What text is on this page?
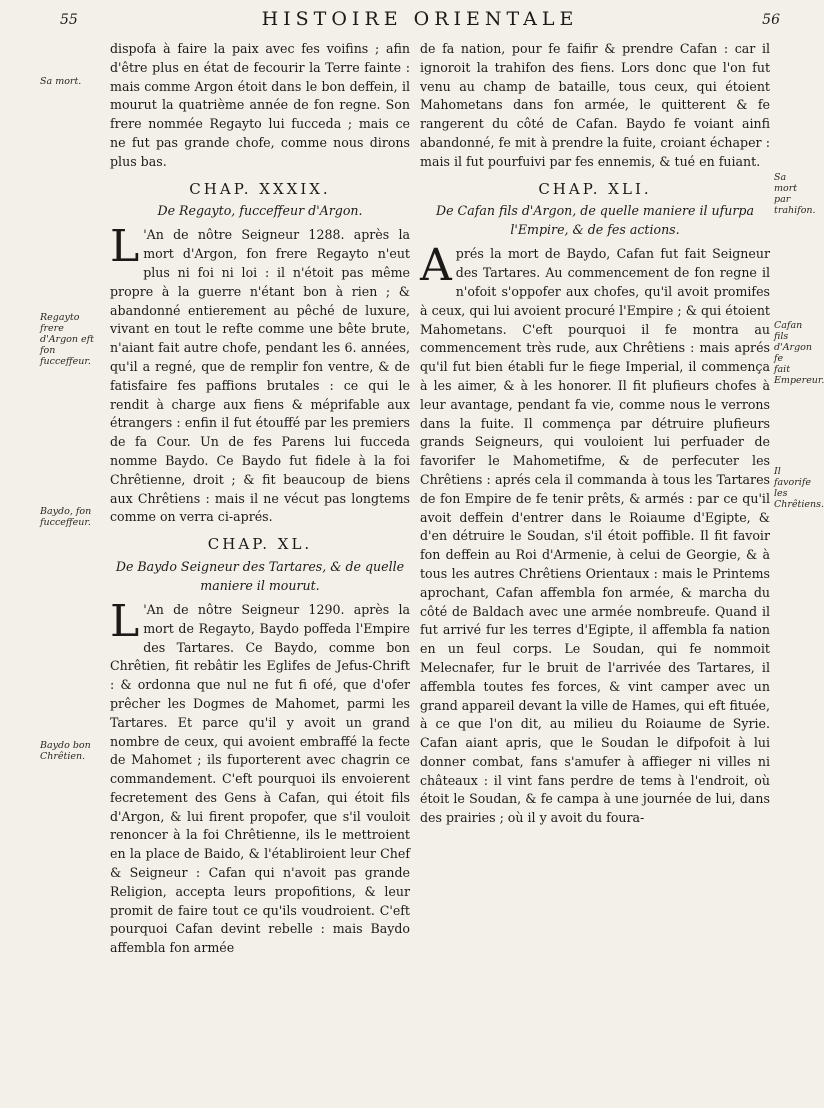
55	HISTOIRE ORIENTALE	56
Sa mort.
Regayto frere d'Argon eft fon fucceffeur.
Baydo, fon fucceffeur.
Baydo bon Chrêtien.

dispofa à faire la paix avec fes voifins ; afin d'être plus en état de fecourir la Terre fainte : mais comme Argon étoit dans le bon deffein, il mourut la quatrième année de fon regne. Son frere nommée Regayto lui fucceda ; mais ce ne fut pas grande chofe, comme nous dirons plus bas.

CHAP. XXXIX.
De Regayto, fucceffeur d'Argon.

L 'An de nôtre Seigneur 1288. après la mort d'Argon, fon frere Regayto n'eut plus ni foi ni loi : il n'étoit pas même propre à la guerre n'étant bon à rien ; & abandonné entierement au pêché de luxure, vivant en tout le refte comme une bête brute, n'aiant fait autre chofe, pendant les 6. années, qu'il a regné, que de remplir fon ventre, & de fatisfaire fes paffions brutales : ce qui le rendit à charge aux fiens & méprifable aux étrangers : enfin il fut étouffé par les premiers de fa Cour. Un de fes Parens lui fucceda nomme Baydo. Ce Baydo fut fidele à la foi Chrêtienne, droit ; & fit beaucoup de biens aux Chrêtiens : mais il ne vécut pas longtems comme on verra ci-aprés.

CHAP. XL.
De Baydo Seigneur des Tartares, & de quelle maniere il mourut.

L 'An de nôtre Seigneur 1290. après la mort de Regayto, Baydo poffeda l'Empire des Tartares. Ce Baydo, comme bon Chrêtien, fit rebâtir les Eglifes de Jefus-Chrift : & ordonna que nul ne fut fi ofé, que d'ofer prêcher les Dogmes de Mahomet, parmi les Tartares. Et parce qu'il y avoit un grand nombre de ceux, qui avoient embraffé la fecte de Mahomet ; ils fuporterent avec chagrin ce commandement. C'eft pourquoi ils envoierent fecretement des Gens à Cafan, qui étoit fils d'Argon, & lui firent propofer, que s'il vouloit renoncer à la foi Chrêtienne, ils le mettroient en la place de Baido, & l'établiroient leur Chef & Seigneur : Cafan qui n'avoit pas grande Religion, accepta leurs propofitions, & leur promit de faire tout ce qu'ils voudroient. C'eft pourquoi Cafan devint rebelle : mais Baydo affembla fon armée

de fa nation, pour fe faifir & prendre Cafan : car il ignoroit la trahifon des fiens. Lors donc que l'on fut venu au champ de bataille, tous ceux, qui étoient Mahometans dans fon armée, le quitterent & fe rangerent du côté de Cafan. Baydo fe voiant ainfi abandonné, fe mit à prendre la fuite, croiant échaper : mais il fut pourfuivi par fes ennemis, & tué en fuiant.

CHAP. XLI.
De Cafan fils d'Argon, de quelle maniere il ufurpa l'Empire, & de fes actions.

Aprés la mort de Baydo, Cafan fut fait Seigneur des Tartares. Au commencement de fon regne il n'ofoit s'oppofer aux chofes, qu'il avoit promifes à ceux, qui lui avoient procuré l'Empire ; & qui étoient Mahometans. C'eft pourquoi il fe montra au commencement très rude, aux Chrêtiens : mais aprés qu'il fut bien établi fur le fiege Imperial, il commença à les aimer, & à les honorer. Il fit plufieurs chofes à leur avantage, pendant fa vie, comme nous le verrons dans la fuite. Il commença par détruire plufieurs grands Seigneurs, qui vouloient lui perfuader de favorifer le Mahometifme, & de perfecuter les Chrêtiens : aprés cela il commanda à tous les Tartares de fon Empire de fe tenir prêts, & armés : par ce qu'il avoit deffein d'entrer dans le Roiaume d'Egipte, & d'en détruire le Soudan, s'il étoit poffible. Il fit favoir fon deffein au Roi d'Armenie, à celui de Georgie, & à tous les autres Chrêtiens Orientaux : mais le Printems aprochant, Cafan affembla fon armée, & marcha du côté de Baldach avec une armée nombreufe. Quand il fut arrivé fur les terres d'Egipte, il affembla fa nation en un feul corps. Le Soudan, qui fe nommoit Melecnafer, fur le bruit de l'arrivée des Tartares, il affembla toutes fes forces, & vint camper avec un grand appareil devant la ville de Hames, qui eft fituée, à ce que l'on dit, au milieu du Roiaume de Syrie. Cafan aiant apris, que le Soudan le difpofoit à lui donner combat, fans s'amufer à affieger ni villes ni châteaux : il vint fans perdre de tems à l'endroit, où étoit le Soudan, & fe campa à une journée de lui, dans des prairies ; où il y avoit du foura-

Sa mort par trahifon.
Cafan fils d'Argon fe fait Empereur.
Il favorife les Chrêtiens.
